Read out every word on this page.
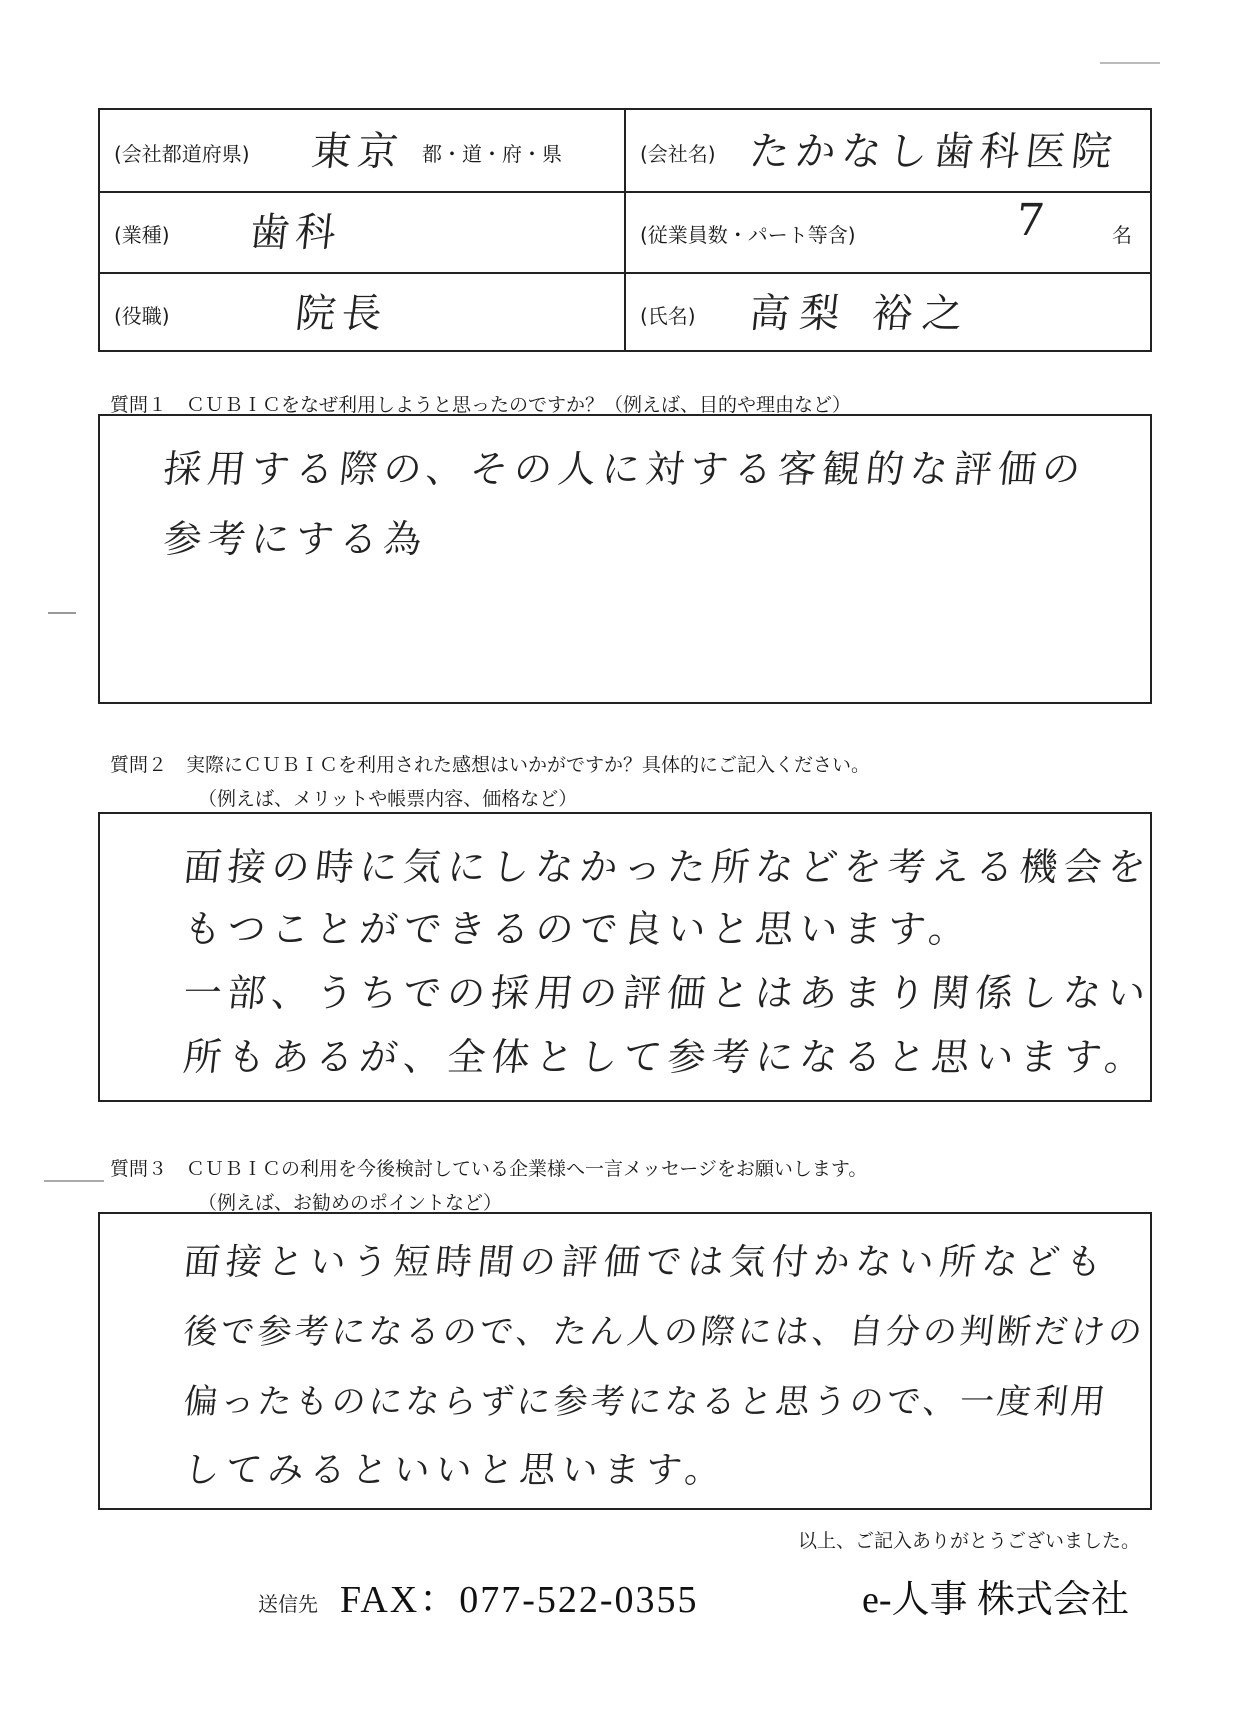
(会社都道府県) 東京 都・道・府・県	(会社名) たかなし歯科医院
(業種) 歯科	(従業員数・パート等含)	7	名
(役職)	院長	(氏名) 高梨 裕之
質問１　ＣＵＢＩＣをなぜ利用しようと思ったのですか？（例えば、目的や理由など）
採用する際の、その人に対する客観的な評価の
参考にする為
質問２　実際にＣＵＢＩＣを利用された感想はいかがですか？具体的にご記入ください。
（例えば、メリットや帳票内容、価格など）
面接の時に気にしなかった所などを考える機会を
もつことができるので良いと思います。
一部、うちでの採用の評価とはあまり関係しない
所もあるが、全体として参考になると思います。
質問３　ＣＵＢＩＣの利用を今後検討している企業様へ一言メッセージをお願いします。
（例えば、お勧めのポイントなど）
面接という短時間の評価では気付かない所なども
後で参考になるので、たん人の際には、自分の判断だけの
偏ったものにならずに参考になると思うので、一度利用
してみるといいと思います。
以上、ご記入ありがとうございました。
送信先 FAX：077-522-0355	e-人事 株式会社
